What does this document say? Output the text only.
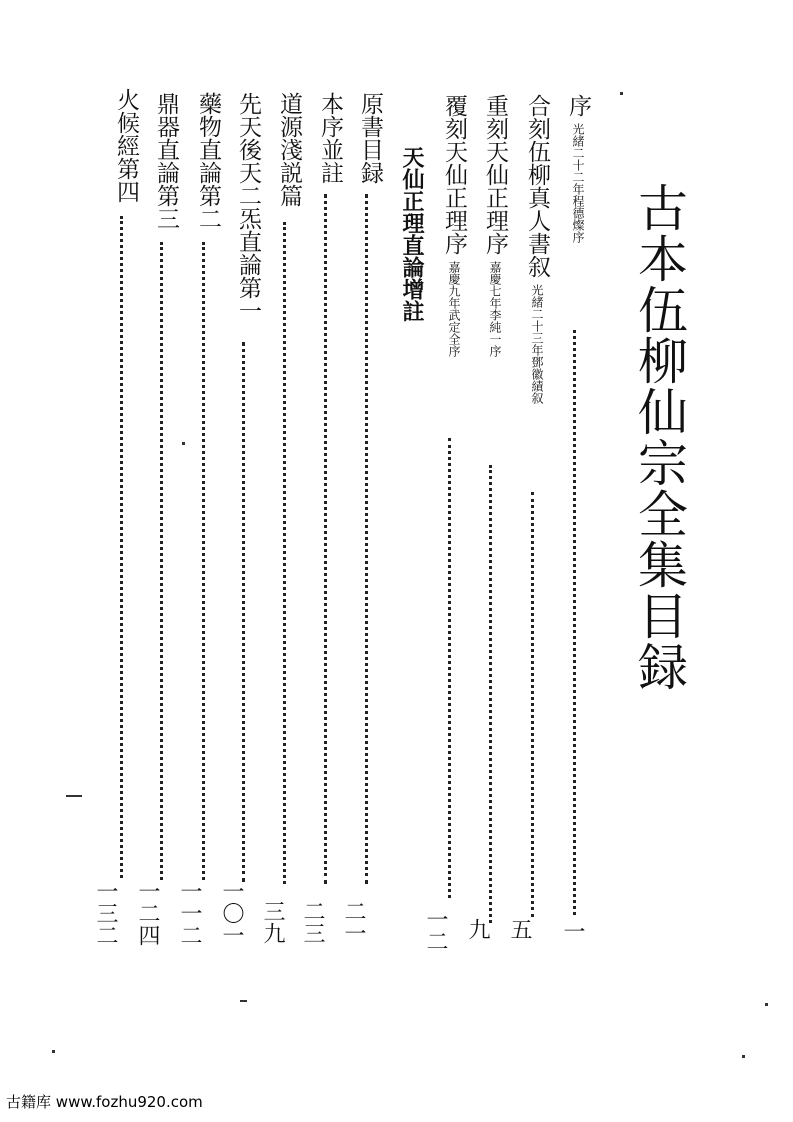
古本伍柳仙宗全集目録
序光緒二十二年程德燦序
一
合刻伍柳真人書叙光緒二十三年鄧徽績叙
五
重刻天仙正理序嘉慶七年李純一序
九
覆刻天仙正理序嘉慶九年武定全序
一二
天仙正理直論增註
原書目録
二一
本序並註
二三
道源淺説篇
三九
先天後天二炁直論第一
一〇一
藥物直論第二
一一二
鼎器直論第三
一二四
火候經第四
一三二
古籍库 www.fozhu920.com
